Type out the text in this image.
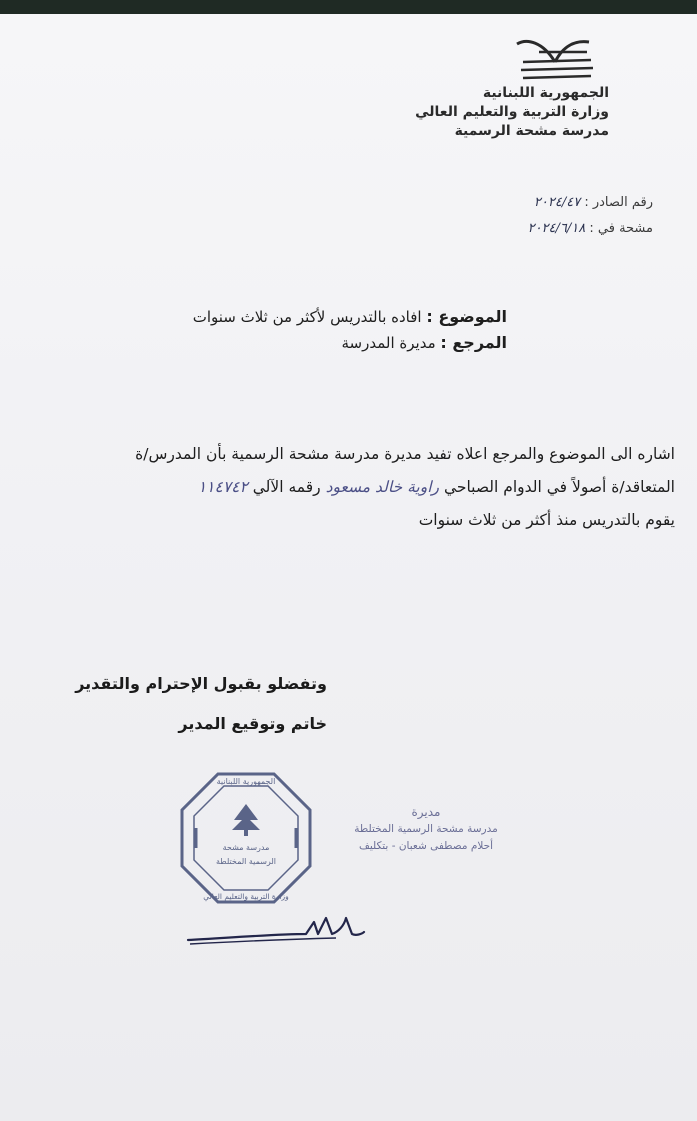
الجمهورية اللبنانية
وزارة التربية والتعليم العالي
مدرسة مشحة الرسمية
رقم الصادر : ٢٠٢٤/٤٧
مشحة في : ٢٠٢٤/٦/١٨
الموضوع : افاده بالتدريس لأكثر من ثلاث سنوات
المرجع : مديرة المدرسة
اشاره الى الموضوع والمرجع اعلاه تفيد مديرة مدرسة مشحة الرسمية بأن المدرس/ة
المتعاقد/ة أصولاً في الدوام الصباحي راوية خالد مسعود رقمه الآلي ١١٤٧٤٢
يقوم بالتدريس منذ أكثر من ثلاث سنوات
وتفضلو بقبول الإحترام والتقدير
خاتم وتوقيع المدير
الجمهورية اللبنانية
مدرسة مشحة
الرسمية المختلطة
وزارة التربية والتعليم العالي
مديرة
مدرسة مشحة الرسمية المختلطة
أحلام مصطفى شعبان - بتكليف
